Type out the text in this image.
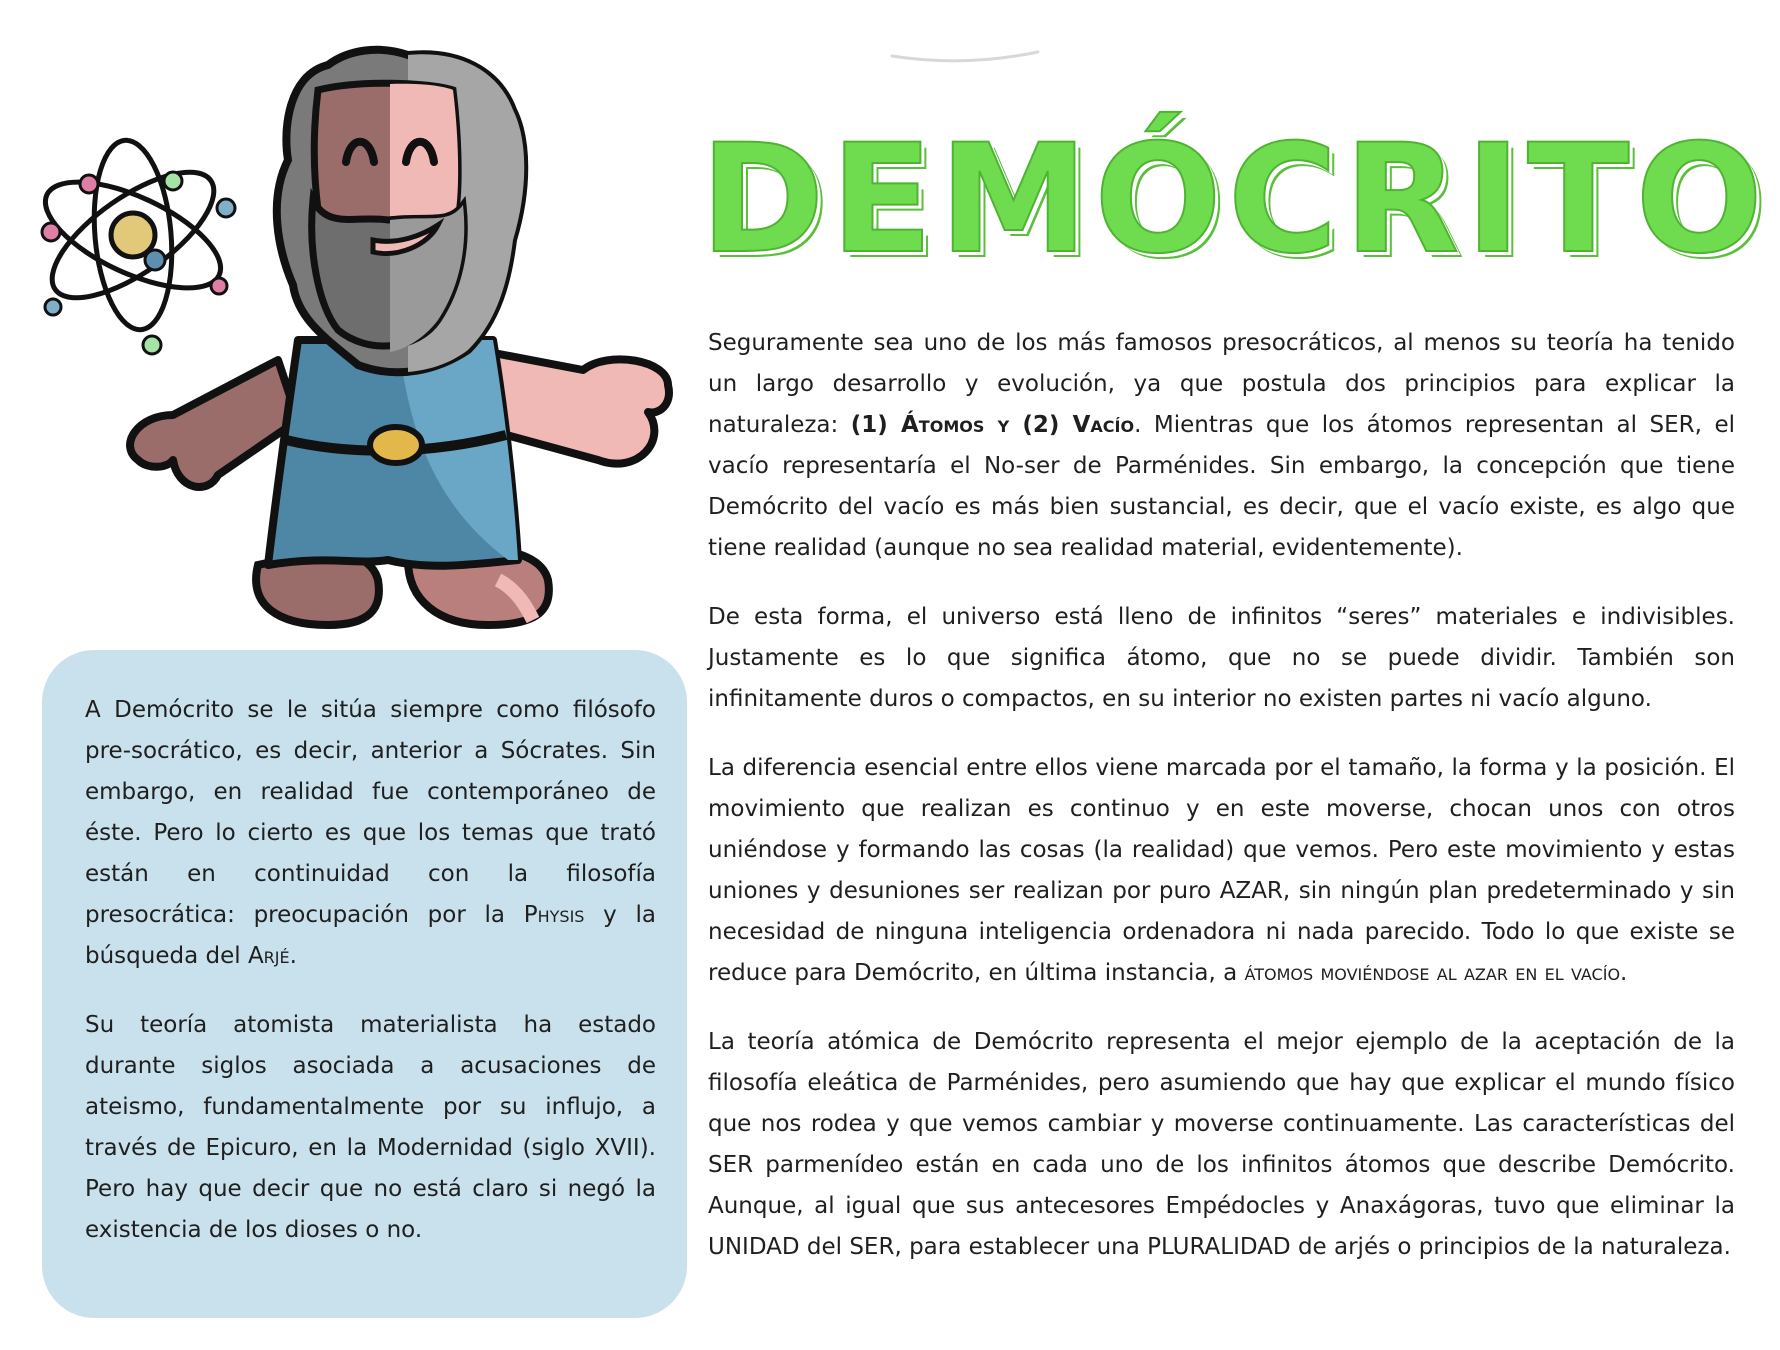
DEMÓCRITO

Seguramente sea uno de los más famosos presocráticos, al menos su teoría ha tenido un largo desarrollo y evolución, ya que postula dos principios para explicar la naturaleza: (1) Átomos y (2) Vacío. Mientras que los átomos representan al SER, el vacío representaría el No-ser de Parménides. Sin embargo, la concepción que tiene Demócrito del vacío es más bien sustancial, es decir, que el vacío existe, es algo que tiene realidad (aunque no sea realidad material, evidentemente).

De esta forma, el universo está lleno de infinitos “seres” materiales e indivisibles. Justamente es lo que significa átomo, que no se puede dividir. También son infinitamente duros o compactos, en su interior no existen partes ni vacío alguno.

La diferencia esencial entre ellos viene marcada por el tamaño, la forma y la posición. El movimiento que realizan es continuo y en este moverse, chocan unos con otros uniéndose y formando las cosas (la realidad) que vemos. Pero este movimiento y estas uniones y desuniones ser realizan por puro AZAR, sin ningún plan predeterminado y sin necesidad de ninguna inteligencia ordenadora ni nada parecido. Todo lo que existe se reduce para Demócrito, en última instancia, a átomos moviéndose al azar en el vacío.

La teoría atómica de Demócrito representa el mejor ejemplo de la aceptación de la filosofía eleática de Parménides, pero asumiendo que hay que explicar el mundo físico que nos rodea y que vemos cambiar y moverse continuamente. Las características del SER parmenídeo están en cada uno de los infinitos átomos que describe Demócrito. Aunque, al igual que sus antecesores Empédocles y Anaxágoras, tuvo que eliminar la UNIDAD del SER, para establecer una PLURALIDAD de arjés o principios de la naturaleza.

A Demócrito se le sitúa siempre como filósofo pre-socrático, es decir, anterior a Sócrates. Sin embargo, en realidad fue contemporáneo de éste. Pero lo cierto es que los temas que trató están en continuidad con la filosofía presocrática: preocupación por la Physis y la búsqueda del Arjé.

Su teoría atomista materialista ha estado durante siglos asociada a acusaciones de ateismo, fundamentalmente por su influjo, a través de Epicuro, en la Modernidad (siglo XVII). Pero hay que decir que no está claro si negó la existencia de los dioses o no.
